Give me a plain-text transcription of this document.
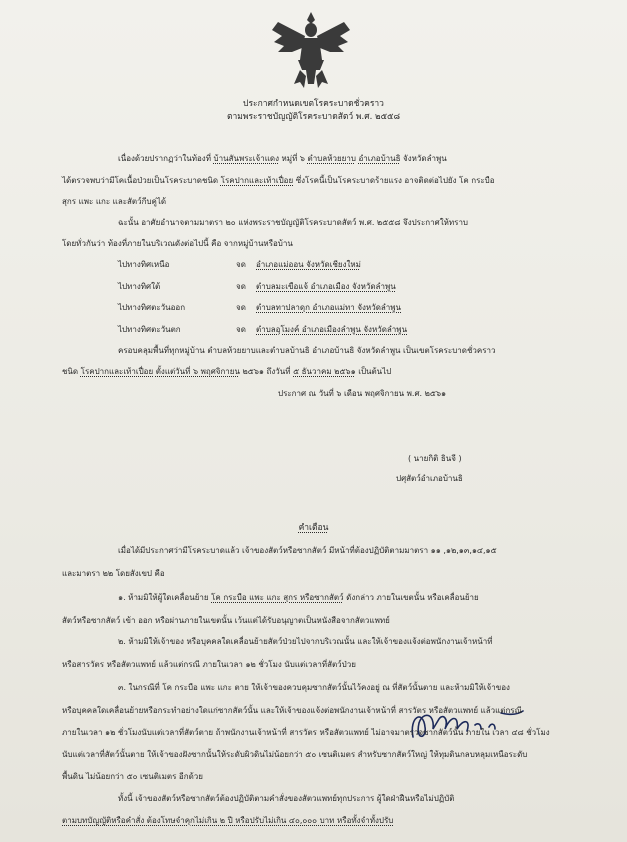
ประกาศกำหนดเขตโรคระบาดชั่วคราว
ตามพระราชบัญญัติโรคระบาดสัตว์ พ.ศ. ๒๕๕๘
เนื่องด้วยปรากฏว่าในท้องที่ บ้านสันพระเจ้าแดง หมู่ที่ ๖ ตำบลห้วยยาบ อำเภอบ้านธิ จังหวัดลำพูน
ได้ตรวจพบว่ามีโคเนื้อป่วยเป็นโรคระบาดชนิด โรคปากและเท้าเปื่อย ซึ่งโรคนี้เป็นโรคระบาดร้ายแรง อาจติดต่อไปยัง โค กระบือ
สุกร แพะ แกะ และสัตว์กีบคู่ได้
ฉะนั้น อาศัยอำนาจตามมาตรา ๒๐ แห่งพระราชบัญญัติโรคระบาดสัตว์ พ.ศ. ๒๕๕๘ จึงประกาศให้ทราบ
โดยทั่วกันว่า ท้องที่ภายในบริเวณดังต่อไปนี้ คือ จากหมู่บ้านหรือบ้าน
ไปทางทิศเหนือ	จด อำเภอแม่ออน จังหวัดเชียงใหม่
ไปทางทิศใต้	จด ตำบลมะเขือแจ้ อำเภอเมือง จังหวัดลำพูน
ไปทางทิศตะวันออก	จด ตำบลทาปลาดุก อำเภอแม่ทา จังหวัดลำพูน
ไปทางทิศตะวันตก	จด ตำบลอุโมงค์ อำเภอเมืองลำพูน จังหวัดลำพูน
ครอบคลุมพื้นที่ทุกหมู่บ้าน ตำบลห้วยยาบและตำบลบ้านธิ อำเภอบ้านธิ จังหวัดลำพูน เป็นเขตโรคระบาดชั่วคราว
ชนิด โรคปากและเท้าเปื่อย ตั้งแต่วันที่ ๖ พฤศจิกายน ๒๕๖๑ ถึงวันที่ ๕ ธันวาคม ๒๕๖๑ เป็นต้นไป
ประกาศ ณ วันที่ ๖ เดือน พฤศจิกายน พ.ศ. ๒๕๖๑
( นายกิติ ธินจี )
ปศุสัตว์อำเภอบ้านธิ
คำเตือน
เมื่อได้มีประกาศว่ามีโรคระบาดแล้ว เจ้าของสัตว์หรือซากสัตว์ มีหน้าที่ต้องปฏิบัติตามมาตรา ๑๑ ,๑๒,๑๓,๑๔,๑๕
และมาตรา ๒๒ โดยสังเขป คือ
๑. ห้ามมิให้ผู้ใดเคลื่อนย้าย โค กระบือ แพะ แกะ สุกร หรือซากสัตว์ ดังกล่าว ภายในเขตนั้น หรือเคลื่อนย้าย
สัตว์หรือซากสัตว์ เข้า ออก หรือผ่านภายในเขตนั้น เว้นแต่ได้รับอนุญาตเป็นหนังสือจากสัตวแพทย์
๒. ห้ามมิให้เจ้าของ หรือบุคคลใดเคลื่อนย้ายสัตว์ป่วยไปจากบริเวณนั้น และให้เจ้าของแจ้งต่อพนักงานเจ้าหน้าที่
หรือสารวัตร หรือสัตวแพทย์ แล้วแต่กรณี ภายในเวลา ๑๒ ชั่วโมง นับแต่เวลาที่สัตว์ป่วย
๓. ในกรณีที่ โค กระบือ แพะ แกะ ตาย ให้เจ้าของควบคุมซากสัตว์นั้นไว้คงอยู่ ณ ที่สัตว์นั้นตาย และห้ามมิให้เจ้าของ
หรือบุคคลใดเคลื่อนย้ายหรือกระทำอย่างใดแก่ซากสัตว์นั้น และให้เจ้าของแจ้งต่อพนักงานเจ้าหน้าที่ สารวัตร หรือสัตวแพทย์ แล้วแต่กรณี
ภายในเวลา ๑๒ ชั่วโมงนับแต่เวลาที่สัตว์ตาย ถ้าพนักงานเจ้าหน้าที่ สารวัตร หรือสัตวแพทย์ ไม่อาจมาตรวจซากสัตว์นั้น ภายใน เวลา ๔๘ ชั่วโมง
นับแต่เวลาที่สัตว์นั้นตาย ให้เจ้าของฝังซากนั้นให้ระดับผิวดินไม่น้อยกว่า ๕๐ เซนติเมตร สำหรับซากสัตว์ใหญ่ ให้ทุมดินกลบหลุมเหนือระดับ
พื้นดิน ไม่น้อยกว่า ๕๐ เซนติเมตร อีกด้วย
ทั้งนี้ เจ้าของสัตว์หรือซากสัตว์ต้องปฏิบัติตามคำสั่งของสัตวแพทย์ทุกประการ ผู้ใดฝ่าฝืนหรือไม่ปฏิบัติ
ตามบทบัญญัติหรือคำสั่ง ต้องโทษจำคุกไม่เกิน ๒ ปี หรือปรับไม่เกิน ๔๐,๐๐๐ บาท หรือทั้งจำทั้งปรับ
